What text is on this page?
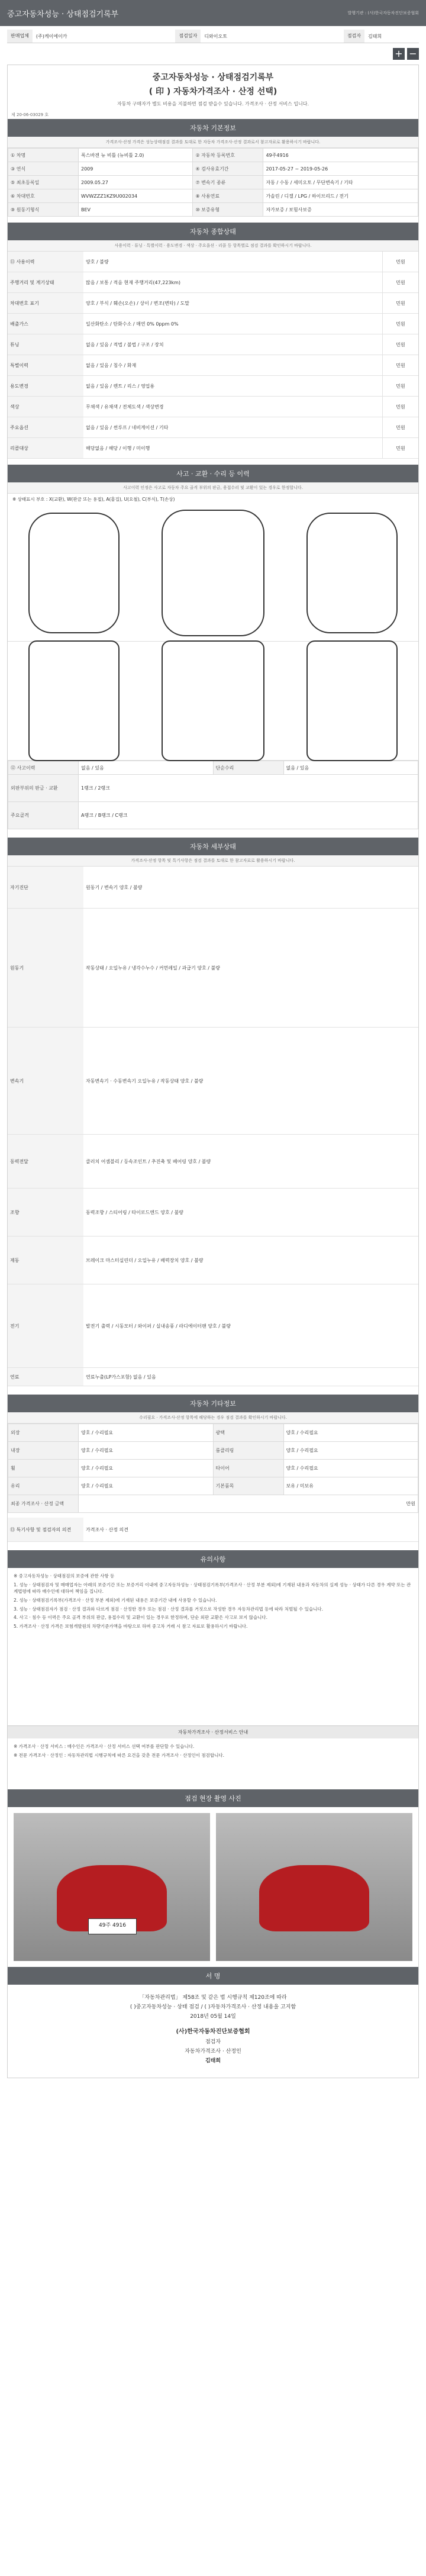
중고자동차성능 · 상태점검기록부	발행기관 : (사)한국자동차진단보증협회
판매업체	(주)케이에이카	점검일자	디와이오토	점검자	김태희
+ −
중고자동차성능 · 상태점검기록부
( 印 ) 자동차가격조사 · 산정 선택)
자동차 구매자가 별도 비용을 지불하면 점검 받을수 있습니다. 가격조사 · 산정 서비스 입니다.
제 20-06-03029 호
자동차 기본정보
가격조사·산정 가격은 성능상태점검 결과를 토대로 한 자동차 가격조사·산정 결과로서 참고자료로 활용하시기 바랍니다.
① 차명	폭스바겐 뉴 비틀 (뉴비틀 2.0)	② 자동차 등록번호	49주4916
③ 연식	2009	④ 검사유효기간	2017-05-27 ~ 2019-05-26
⑤ 최초등록일	2009.05.27	⑦ 변속기 종류	자동 / 수동 / 세미오토 / 무단변속기 / 기타
⑥ 차대번호	WVWZZZ1KZ9U002034	⑧ 사용연료	가솔린 / 디젤 / LPG / 하이브리드 / 전기
⑨ 원동기형식	BEV	⑩ 보증유형	자가보증 / 보험사보증
자동차 종합상태
사용이력 · 튜닝 · 특별이력 · 용도변경 · 색상 · 주요옵션 · 리콜 등 항목별로 점검 결과를 확인하시기 바랍니다.
⑪ 사용이력	양호 / 불량	민원
주행거리 및 계기상태	많음 / 보통 / 적음 현재 주행거리(47,223km)	민원
차대번호 표기	양호 / 부식 / 훼손(오손) / 상이 / 변조(변타) / 도말	민원
배출가스	일산화탄소 / 탄화수소 / 매연 0% 0ppm 0%	민원
튜닝	없음 / 있음 / 적법 / 불법 / 구조 / 장치	민원
특별이력	없음 / 있음 / 침수 / 화재	민원
용도변경	없음 / 있음 / 렌트 / 리스 / 영업용	민원
색상	무채색 / 유채색 / 전체도색 / 색상변경	민원
주요옵션	없음 / 있음 / 썬루프 / 네비게이션 / 기타	민원
리콜대상	해당없음 / 해당 / 이행 / 미이행	민원
사고 · 교환 · 수리 등 이력
사고이력 인정은 사고로 자동차 주요 골격 부위의 판금, 용접수리 및 교환이 있는 경우로 한정합니다.
※ 상태표시 부호 : X(교환), W(판금 또는 용접), A(흠집), U(요철), C(부식), T(손상)
⑫ 사고이력	없음 / 있음	단순수리	없음 / 있음
외판부위의 판금 · 교환	1랭크 / 2랭크		
주요골격	A랭크 / B랭크 / C랭크		
자동차 세부상태
가격조사·산정 항목 및 특기사항은 점검 결과를 토대로 한 참고자료로 활용하시기 바랍니다.
자기진단	원동기 / 변속기 양호 / 불량
원동기	작동상태 / 오일누유 / 냉각수누수 / 커먼레일 / 과급기 양호 / 불량
변속기	자동변속기 · 수동변속기 오일누유 / 작동상태 양호 / 불량
동력전달	클러치 어셈블리 / 등속조인트 / 추진축 및 베어링 양호 / 불량
조향	동력조향 / 스티어링 / 타이로드엔드 양호 / 불량
제동	브레이크 마스터실린더 / 오일누유 / 배력장치 양호 / 불량
전기	발전기 출력 / 시동모터 / 와이퍼 / 실내송풍 / 라디에이터팬 양호 / 불량
연료	연료누출(LP가스포함) 없음 / 있음
자동차 기타정보
수리필요 · 가격조사·산정 항목에 해당하는 경우 점검 결과를 확인하시기 바랍니다.
외장	양호 / 수리필요	광택	양호 / 수리필요
내장	양호 / 수리필요	룸클리링	양호 / 수리필요
휠	양호 / 수리필요	타이어	양호 / 수리필요
유리	양호 / 수리필요	기본품목	보유 / 미보유
최종 가격조사 · 산정 금액	만원		
⑬ 특기사항 및 점검자의 의견	가격조사 · 산정 의견
유의사항

※ 중고자동차성능 · 상태점검의 보증에 관한 사항 등

1. 성능 · 상태점검자 및 매매업자는 아래의 보증기간 또는 보증거리 이내에 중고자동차성능 · 상태점검기록부(가격조사 · 산정 부분 제외)에 기재된 내용과 자동차의 실제 성능 · 상태가 다른 경우 계약 또는 관계법령에 따라 매수인에 대하여 책임을 집니다.

2. 성능 · 상태점검기록부(가격조사 · 산정 부분 제외)에 기재된 내용은 보증기간 내에 사용할 수 있습니다.

3. 성능 · 상태점검자가 점검 · 산정 결과와 다르게 점검 · 산정한 경우 또는 점검 · 산정 결과를 거짓으로 작성한 경우 자동차관리법 등에 따라 처벌될 수 있습니다.

4. 사고 · 침수 등 이력은 주요 골격 부위의 판금, 용접수리 및 교환이 있는 경우로 한정하며, 단순 외판 교환은 사고로 보지 않습니다.

5. 가격조사 · 산정 가격은 보험개발원의 차량기준가액을 바탕으로 하며 중고차 거래 시 참고 자료로 활용하시기 바랍니다.

자동차가격조사 · 산정서비스 안내

※ 가격조사 · 산정 서비스 : 매수인은 가격조사 · 산정 서비스 선택 여부를 판단할 수 있습니다.

※ 전문 가격조사 · 산정인 : 자동차관리법 시행규칙에 따른 요건을 갖춘 전문 가격조사 · 산정인이 점검합니다.

점검 현장 촬영 사진
49주 4916
서 명
「자동차관리법」 제58조 및 같은 법 시행규칙 제120조에 따라
( )중고자동차성능 · 상태 점검 / ( )자동차가격조사 · 산정 내용을 고지함
2018년 05월 14일
(사)한국자동차진단보증협회
점검자
자동차가격조사 · 산정인
김태희
